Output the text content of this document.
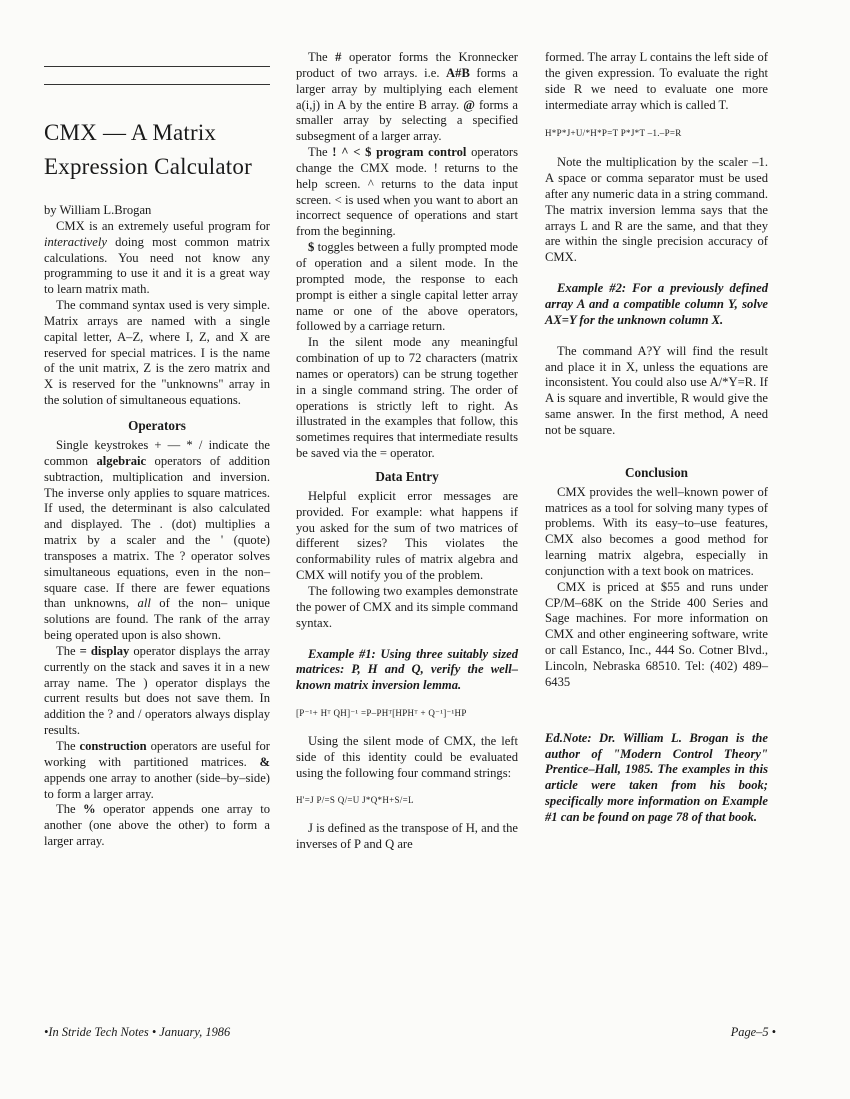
CMX — A Matrix
Expression Calculator

by William L.Brogan

CMX is an extremely useful program for interactively doing most common matrix calculations. You need not know any programming to use it and it is a great way to learn matrix math.

The command syntax used is very simple. Matrix arrays are named with a single capital letter, A–Z, where I, Z, and X are reserved for special matrices. I is the name of the unit matrix, Z is the zero matrix and X is reserved for the "unknowns" array in the solution of simultaneous equations.

Operators

Single keystrokes + — * / indicate the common algebraic operators of addition subtraction, multiplication and inversion. The inverse only applies to square matrices. If used, the determinant is also calculated and displayed. The . (dot) multiplies a matrix by a scaler and the ' (quote) transposes a matrix. The ? operator solves simultaneous equations, even in the non– square case. If there are fewer equations than unknowns, all of the non– unique solutions are found. The rank of the array being operated upon is also shown.

The = display operator displays the array currently on the stack and saves it in a new array name. The ) operator displays the current results but does not save them. In addition the ? and / operators always display results.

The construction operators are useful for working with partitioned matrices. & appends one array to another (side–by–side) to form a larger array.

The % operator appends one array to another (one above the other) to form a larger array.

The # operator forms the Kronnecker product of two arrays. i.e. A#B forms a larger array by multiplying each element a(i,j) in A by the entire B array. @ forms a smaller array by selecting a specified subsegment of a larger array.

The ! ^ < $ program control operators change the CMX mode. ! returns to the help screen. ^ returns to the data input screen. < is used when you want to abort an incorrect sequence of operations and start from the beginning.

$ toggles between a fully prompted mode of operation and a silent mode. In the prompted mode, the response to each prompt is either a single capital letter array name or one of the above operators, followed by a carriage return.

In the silent mode any meaningful combination of up to 72 characters (matrix names or operators) can be strung together in a single command string. The order of operations is strictly left to right. As illustrated in the examples that follow, this sometimes requires that intermediate results be saved via the = operator.

Data Entry

Helpful explicit error messages are provided. For example: what happens if you asked for the sum of two matrices of different sizes? This violates the conformability rules of matrix algebra and CMX will notify you of the problem.

The following two examples demonstrate the power of CMX and its simple command syntax.

Example #1: Using three suitably sized matrices: P, H and Q, verify the well–known matrix inversion lemma.

[P⁻¹+ Hᵀ QH]⁻¹ =P–PHᵀ[HPHᵀ + Q⁻¹]⁻¹HP

Using the silent mode of CMX, the left side of this identity could be evaluated using the following four command strings:

H'=J P/=S Q/=U J*Q*H+S/=L

J is defined as the transpose of H, and the inverses of P and Q are

formed. The array L contains the left side of the given expression. To evaluate the right side R we need to evaluate one more intermediate array which is called T.

H*P*J+U/*H*P=T P*J*T –1.–P=R

Note the multiplication by the scaler –1. A space or comma separator must be used after any numeric data in a string command. The matrix inversion lemma says that the arrays L and R are the same, and that they are within the single precision accuracy of CMX.

Example #2: For a previously defined array A and a compatible column Y, solve AX=Y for the unknown column X.

The command A?Y will find the result and place it in X, unless the equations are inconsistent. You could also use A/*Y=R. If A is square and invertible, R would give the same answer. In the first method, A need not be square.

Conclusion

CMX provides the well–known power of matrices as a tool for solving many types of problems. With its easy–to–use features, CMX also becomes a good method for learning matrix algebra, especially in conjunction with a text book on matrices.

CMX is priced at $55 and runs under CP/M–68K on the Stride 400 Series and Sage machines. For more information on CMX and other engineering software, write or call Estanco, Inc., 444 So. Cotner Blvd., Lincoln, Nebraska 68510. Tel: (402) 489–6435

Ed.Note: Dr. William L. Brogan is the author of "Modern Control Theory" Prentice–Hall, 1985. The examples in this article were taken from his book; specifically more information on Example #1 can be found on page 78 of that book.

•In Stride Tech Notes • January, 1986	Page–5 •
